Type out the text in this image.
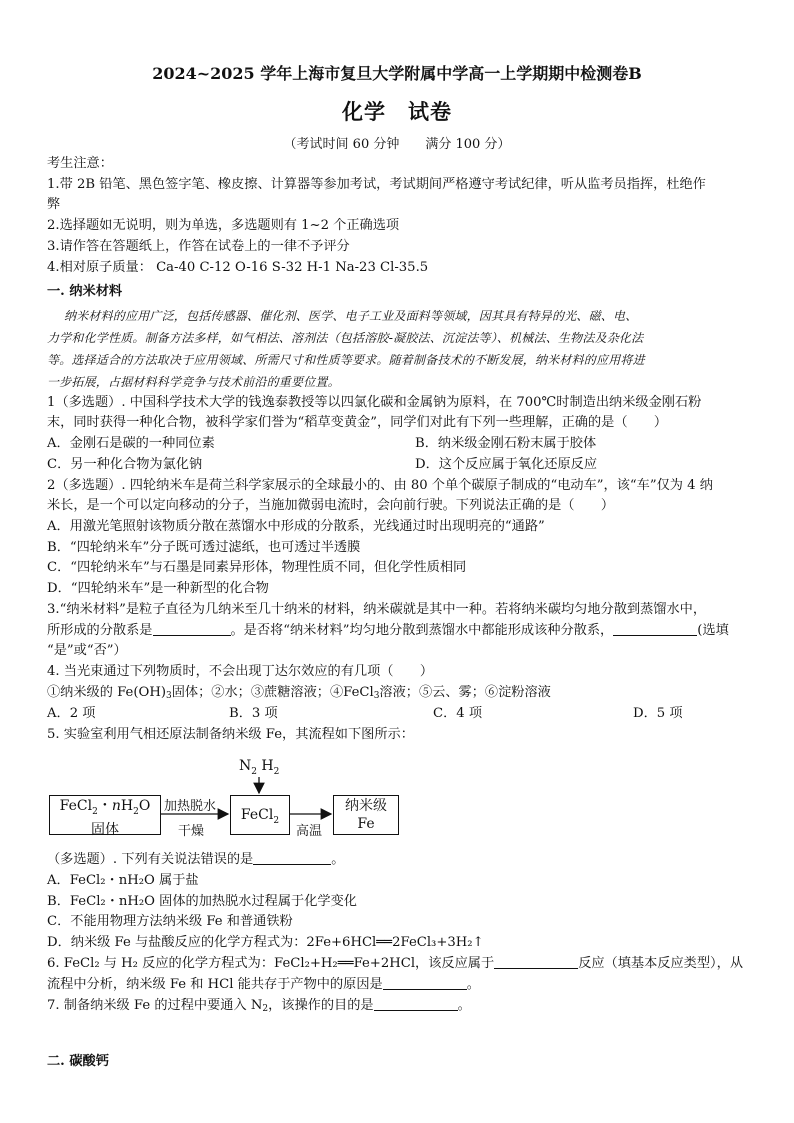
2024~2025 学年上海市复旦大学附属中学高一上学期期中检测卷B
化学　试卷
（考试时间 60 分钟　　满分 100 分）
考生注意：
1.带 2B 铅笔、黑色签字笔、橡皮擦、计算器等参加考试，考试期间严格遵守考试纪律，听从监考员指挥，杜绝作
弊
2.选择题如无说明，则为单选，多选题则有 1~2 个正确选项
3.请作答在答题纸上，作答在试卷上的一律不予评分
4.相对原子质量： Ca-40 C-12 O-16 S-32 H-1 Na-23 Cl-35.5
一. 纳米材料
纳米材料的应用广泛，包括传感器、催化剂、医学、电子工业及面料等领域，因其具有特异的光、磁、电、
力学和化学性质。制备方法多样，如气相法、溶剂法（包括溶胶-凝胶法、沉淀法等）、机械法、生物法及杂化法
等。选择适合的方法取决于应用领域、所需尺寸和性质等要求。随着制备技术的不断发展，纳米材料的应用将进
一步拓展，占据材料科学竞争与技术前沿的重要位置。
1（多选题）. 中国科学技术大学的钱逸泰教授等以四氯化碳和金属钠为原料，在 700℃时制造出纳米级金刚石粉
末，同时获得一种化合物，被科学家们誉为“稻草变黄金”，同学们对此有下列一些理解，正确的是（　　）
A．金刚石是碳的一种同位素	B．纳米级金刚石粉末属于胶体
C．另一种化合物为氯化钠	D．这个反应属于氧化还原反应
2（多选题）. 四轮纳米车是荷兰科学家展示的全球最小的、由 80 个单个碳原子制成的“电动车”，该“车”仅为 4 纳
米长，是一个可以定向移动的分子，当施加微弱电流时，会向前行驶。下列说法正确的是（　　）
A．用激光笔照射该物质分散在蒸馏水中形成的分散系，光线通过时出现明亮的“通路”
B．“四轮纳米车”分子既可透过滤纸，也可透过半透膜
C．“四轮纳米车”与石墨是同素异形体，物理性质不同，但化学性质相同
D．“四轮纳米车”是一种新型的化合物
3.“纳米材料”是粒子直径为几纳米至几十纳米的材料，纳米碳就是其中一种。若将纳米碳均匀地分散到蒸馏水中，
所形成的分散系是	。是否将“纳米材料”均匀地分散到蒸馏水中都能形成该种分散系，	(选填
“是”或“否”）
4. 当光束通过下列物质时，不会出现丁达尔效应的有几项（　　）
①纳米级的 $Fe(OH)_3$固体；②水；③蔗糖溶液；④FeCl$_3$溶液；⑤云、雾；⑥淀粉溶液
A．2 项	B．3 项	C．4 项	D．5 项
5. 实验室利用气相还原法制备纳米级 Fe，其流程如下图所示：
$N_2$ $H_2$
FeCl$_2$・$nH_2O$
固体
加热脱水
干燥
FeCl$_2$
高温
纳米级
Fe
（多选题）. 下列有关说法错误的是	。
A．FeCl₂・nH₂O 属于盐
B．FeCl₂・nH₂O 固体的加热脱水过程属于化学变化
C．不能用物理方法纳米级 Fe 和普通铁粉
D．纳米级 Fe 与盐酸反应的化学方程式为：2Fe+6HCl══2FeCl₃+3H₂↑
6. FeCl₂ 与 H₂ 反应的化学方程式为：FeCl₂+H₂══Fe+2HCl，该反应属于	反应（填基本反应类型），从
流程中分析，纳米级 Fe 和 HCl 能共存于产物中的原因是	。
7. 制备纳米级 Fe 的过程中要通入 $N_2$，该操作的目的是	。
二. 碳酸钙
